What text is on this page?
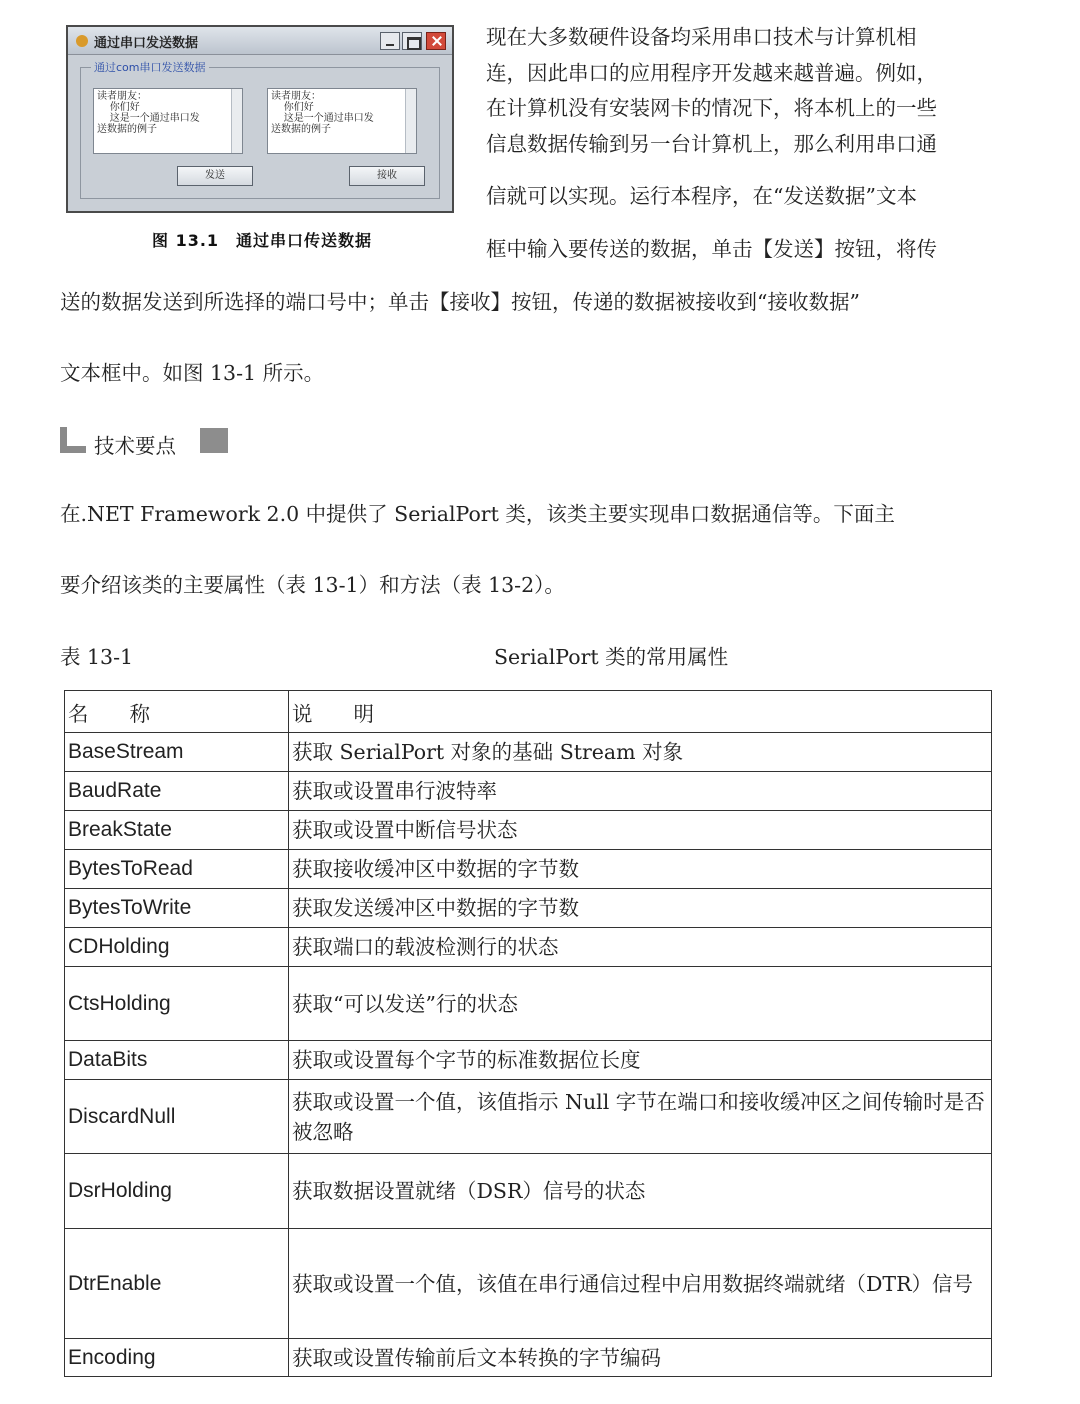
通过串口发送数据
通过com串口发送数据
读者朋友：
你们好
这是一个通过串口发
送数据的例子
读者朋友：
你们好
这是一个通过串口发
送数据的例子
发送	接收
图 13.1　通过串口传送数据
现在大多数硬件设备均采用串口技术与计算机相
连，因此串口的应用程序开发越来越普遍。例如，
在计算机没有安装网卡的情况下，将本机上的一些
信息数据传输到另一台计算机上，那么利用串口通
信就可以实现。运行本程序，在“发送数据”文本
框中输入要传送的数据，单击【发送】按钮，将传
送的数据发送到所选择的端口号中；单击【接收】按钮，传递的数据被接收到“接收数据”
文本框中。如图 13-1 所示。
技术要点
在.NET Framework 2.0 中提供了 SerialPort 类，该类主要实现串口数据通信等。下面主
要介绍该类的主要属性（表 13-1）和方法（表 13-2）。
表 13-1	SerialPort 类的常用属性
名　　称	说　　明
BaseStream	获取 SerialPort 对象的基础 Stream 对象
BaudRate	获取或设置串行波特率
BreakState	获取或设置中断信号状态
BytesToRead	获取接收缓冲区中数据的字节数
BytesToWrite	获取发送缓冲区中数据的字节数
CDHolding	获取端口的载波检测行的状态
CtsHolding	获取“可以发送”行的状态
DataBits	获取或设置每个字节的标准数据位长度
DiscardNull	获取或设置一个值，该值指示 Null 字节在端口和接收缓冲区之间传输时是否被忽略
DsrHolding	获取数据设置就绪（DSR）信号的状态
DtrEnable	获取或设置一个值，该值在串行通信过程中启用数据终端就绪（DTR）信号
Encoding	获取或设置传输前后文本转换的字节编码
